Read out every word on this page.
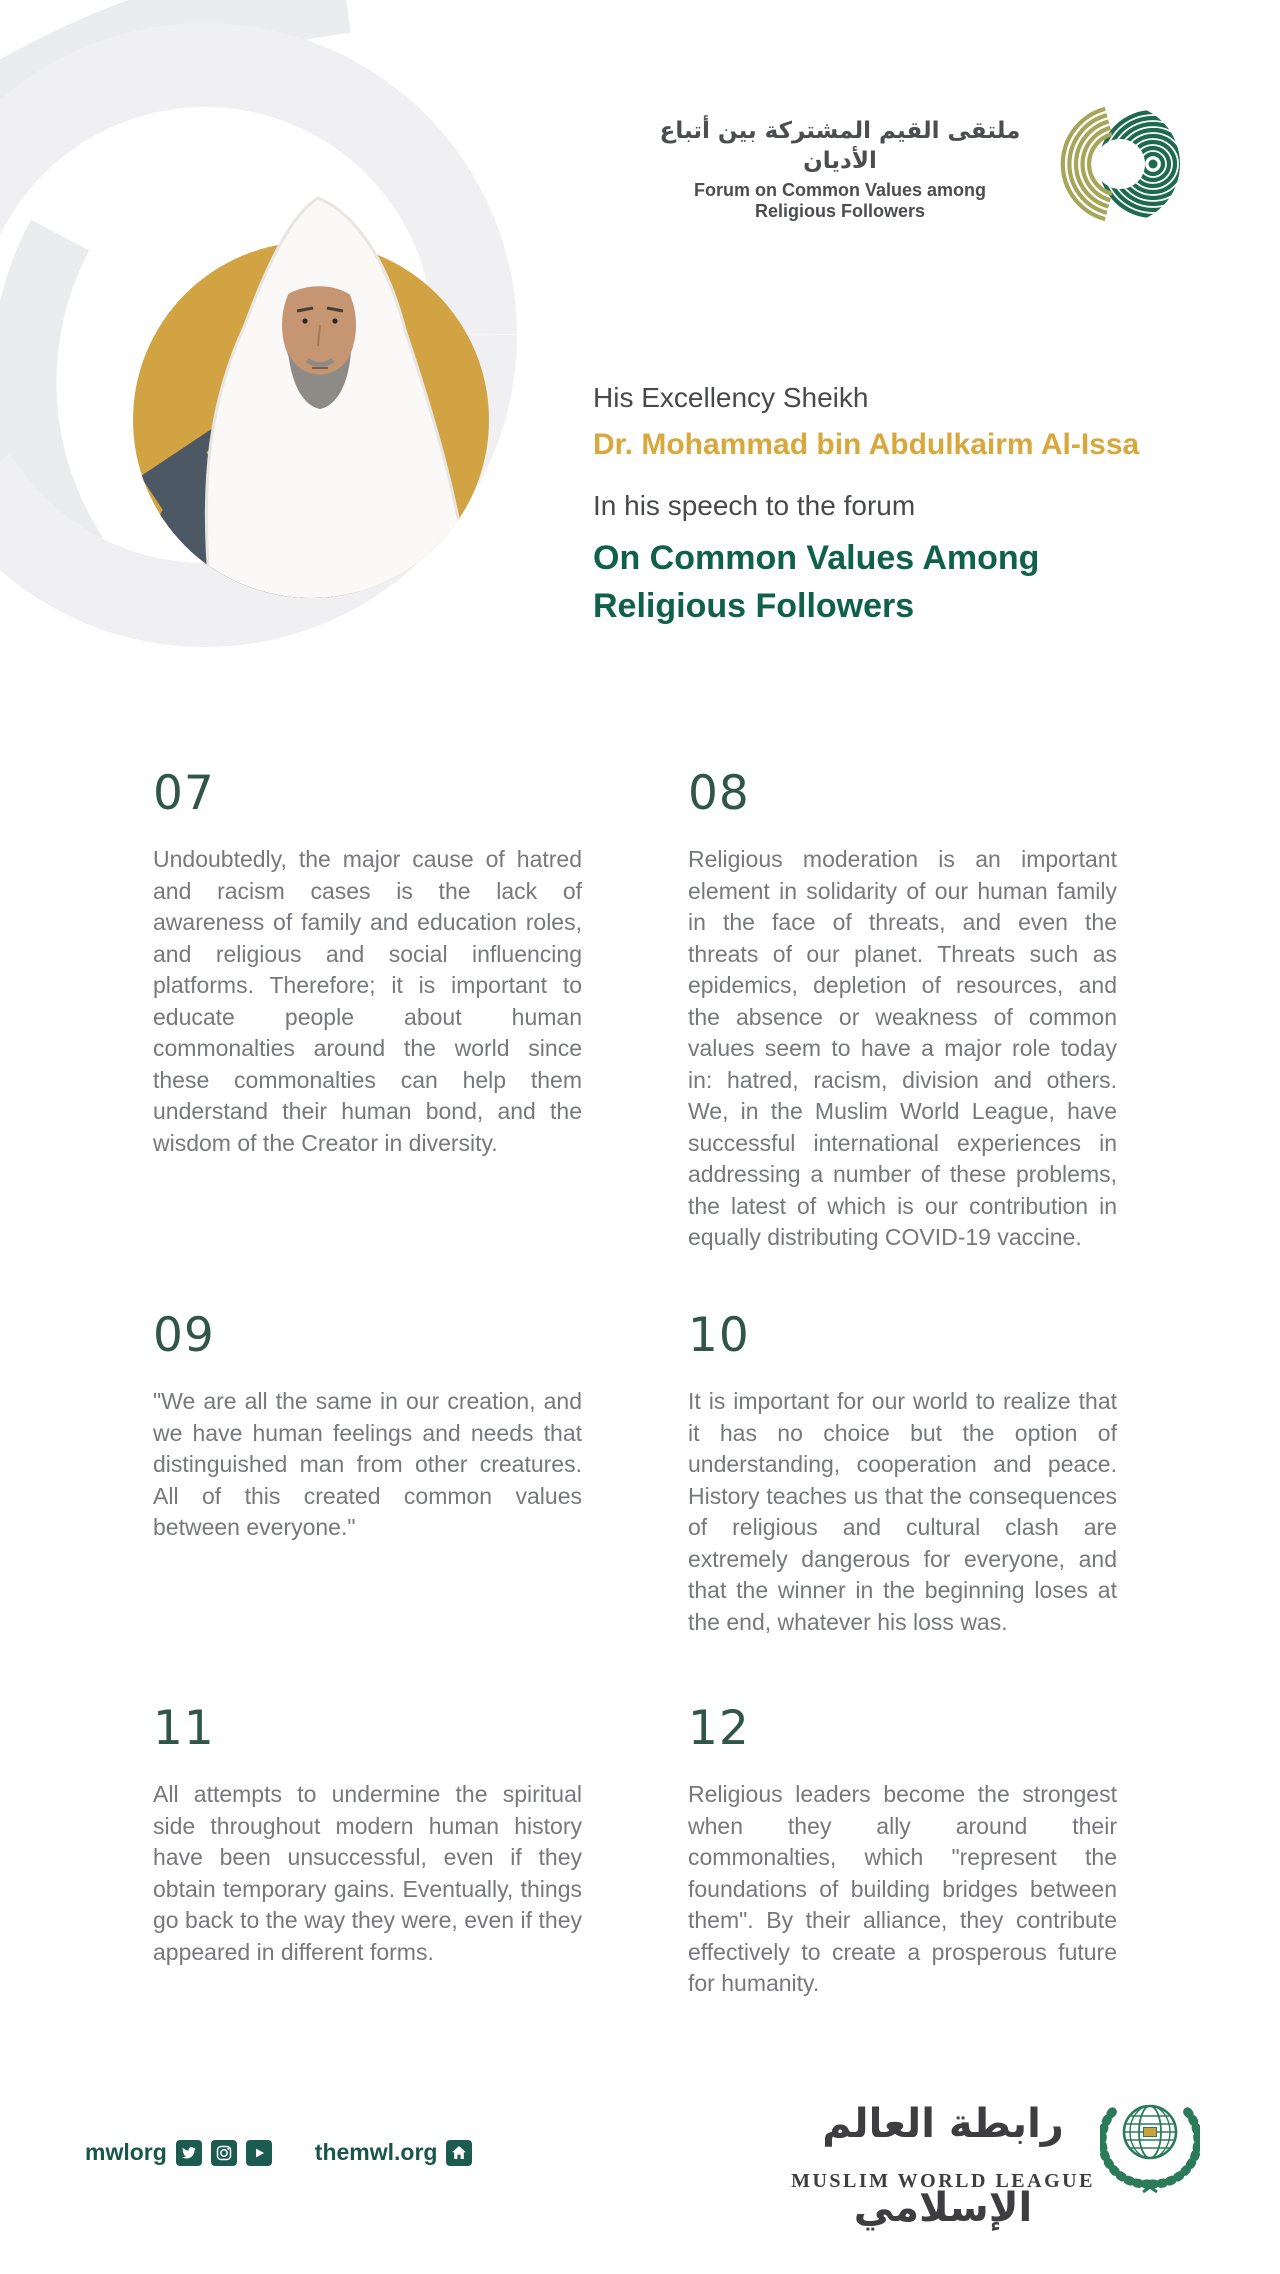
ملتقى القيم المشتركة بين أتباع الأديان
Forum on Common Values among
Religious Followers
His Excellency Sheikh
Dr. Mohammad bin Abdulkairm Al-Issa
In his speech to the forum
On Common Values Among
Religious Followers
07
Undoubtedly, the major cause of hatred and racism cases is the lack of awareness of family and education roles, and religious and social influencing platforms. Therefore; it is important to educate people about human commonalties around the world since these commonalties can help them understand their human bond, and the wisdom of the Creator in diversity.
08
Religious moderation is an important element in solidarity of our human family in the face of threats, and even the threats of our planet. Threats such as epidemics, depletion of resources, and the absence or weakness of common values seem to have a major role today in: hatred, racism, division and others. We, in the Muslim World League, have successful international experiences in addressing a number of these problems, the latest of which is our contribution in equally distributing COVID-19 vaccine.
09
"We are all the same in our creation, and we have human feelings and needs that distinguished man from other creatures. All of this created common values between everyone."
10
It is important for our world to realize that it has no choice but the option of understanding, cooperation and peace. History teaches us that the consequences of religious and cultural clash are extremely dangerous for everyone, and that the winner in the beginning loses at the end, whatever his loss was.
11
All attempts to undermine the spiritual side throughout modern human history have been unsuccessful, even if they obtain temporary gains. Eventually, things go back to the way they were, even if they appeared in different forms.
12
Religious leaders become the strongest when they ally around their commonalties, which "represent the foundations of building bridges between them". By their alliance, they contribute effectively to create a prosperous future for humanity.
mwlorg	themwl.org
رابطة العالم الإسلامي
MUSLIM WORLD LEAGUE
